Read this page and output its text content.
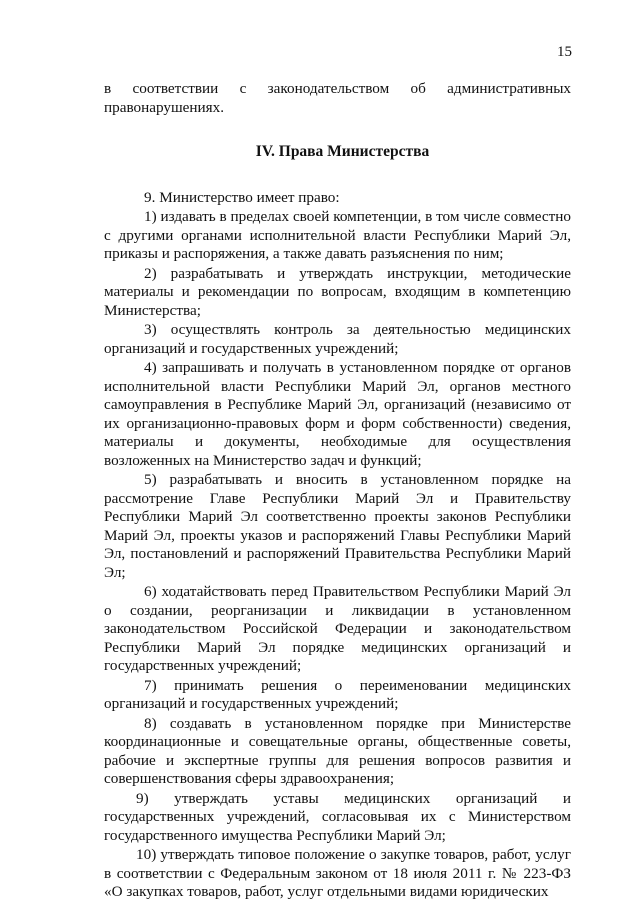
15

в соответствии с законодательством об административных правонарушениях.

IV. Права Министерства

9. Министерство имеет право:

1) издавать в пределах своей компетенции, в том числе совместно с другими органами исполнительной власти Республики Марий Эл, приказы и распоряжения, а также давать разъяснения по ним;

2) разрабатывать и утверждать инструкции, методические материалы и рекомендации по вопросам, входящим в компетенцию Министерства;

3) осуществлять контроль за деятельностью медицинских организаций и государственных учреждений;

4) запрашивать и получать в установленном порядке от органов исполнительной власти Республики Марий Эл, органов местного самоуправления в Республике Марий Эл, организаций (независимо от их организационно-правовых форм и форм собственности) сведения, материалы и документы, необходимые для осуществления возложенных на Министерство задач и функций;

5) разрабатывать и вносить в установленном порядке на рассмотрение Главе Республики Марий Эл и Правительству Республики Марий Эл соответственно проекты законов Республики Марий Эл, проекты указов и распоряжений Главы Республики Марий Эл, постановлений и распоряжений Правительства Республики Марий Эл;

6) ходатайствовать перед Правительством Республики Марий Эл о создании, реорганизации и ликвидации в установленном законодательством Российской Федерации и законодательством Республики Марий Эл порядке медицинских организаций и государственных учреждений;

7) принимать решения о переименовании медицинских организаций и государственных учреждений;

8) создавать в установленном порядке при Министерстве координационные и совещательные органы, общественные советы, рабочие и экспертные группы для решения вопросов развития и совершенствования сферы здравоохранения;

9) утверждать уставы медицинских организаций и государственных учреждений, согласовывая их с Министерством государственного имущества Республики Марий Эл;

10) утверждать типовое положение о закупке товаров, работ, услуг в соответствии с Федеральным законом от 18 июля 2011 г. № 223-ФЗ «О закупках товаров, работ, услуг отдельными видами юридических
